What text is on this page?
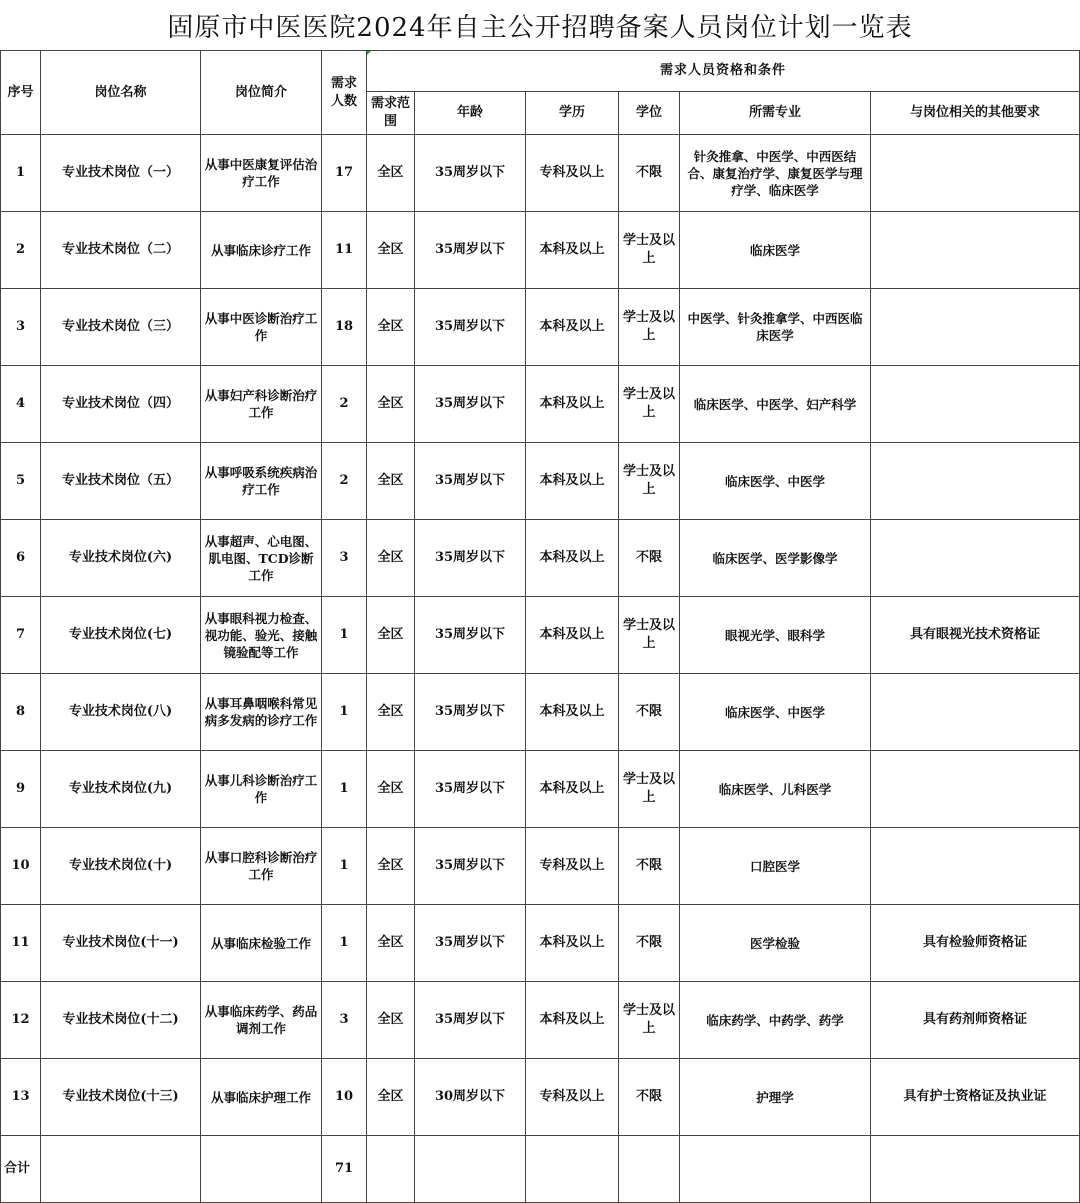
固原市中医医院2024年自主公开招聘备案人员岗位计划一览表
序号	岗位名称	岗位简介	需求人数	需求人员资格和条件					
				需求范围	年龄	学历	学位	所需专业	与岗位相关的其他要求
1	专业技术岗位（一）	从事中医康复评估治疗工作	17	全区	35周岁以下	专科及以上	不限	针灸推拿、中医学、中西医结合、康复治疗学、康复医学与理疗学、临床医学	
2	专业技术岗位（二）	从事临床诊疗工作	11	全区	35周岁以下	本科及以上	学士及以上	临床医学	
3	专业技术岗位（三）	从事中医诊断治疗工作	18	全区	35周岁以下	本科及以上	学士及以上	中医学、针灸推拿学、中西医临床医学	
4	专业技术岗位（四）	从事妇产科诊断治疗工作	2	全区	35周岁以下	本科及以上	学士及以上	临床医学、中医学、妇产科学	
5	专业技术岗位（五）	从事呼吸系统疾病治疗工作	2	全区	35周岁以下	本科及以上	学士及以上	临床医学、中医学	
6	专业技术岗位(六)	从事超声、心电图、肌电图、TCD诊断工作	3	全区	35周岁以下	本科及以上	不限	临床医学、医学影像学	
7	专业技术岗位(七)	从事眼科视力检查、视功能、验光、接触镜验配等工作	1	全区	35周岁以下	本科及以上	学士及以上	眼视光学、眼科学	具有眼视光技术资格证
8	专业技术岗位(八)	从事耳鼻咽喉科常见病多发病的诊疗工作	1	全区	35周岁以下	本科及以上	不限	临床医学、中医学	
9	专业技术岗位(九)	从事儿科诊断治疗工作	1	全区	35周岁以下	本科及以上	学士及以上	临床医学、儿科医学	
10	专业技术岗位(十)	从事口腔科诊断治疗工作	1	全区	35周岁以下	专科及以上	不限	口腔医学	
11	专业技术岗位(十一)	从事临床检验工作	1	全区	35周岁以下	本科及以上	不限	医学检验	具有检验师资格证
12	专业技术岗位(十二)	从事临床药学、药品调剂工作	3	全区	35周岁以下	本科及以上	学士及以上	临床药学、中药学、药学	具有药剂师资格证
13	专业技术岗位(十三)	从事临床护理工作	10	全区	30周岁以下	专科及以上	不限	护理学	具有护士资格证及执业证
合计			71						
